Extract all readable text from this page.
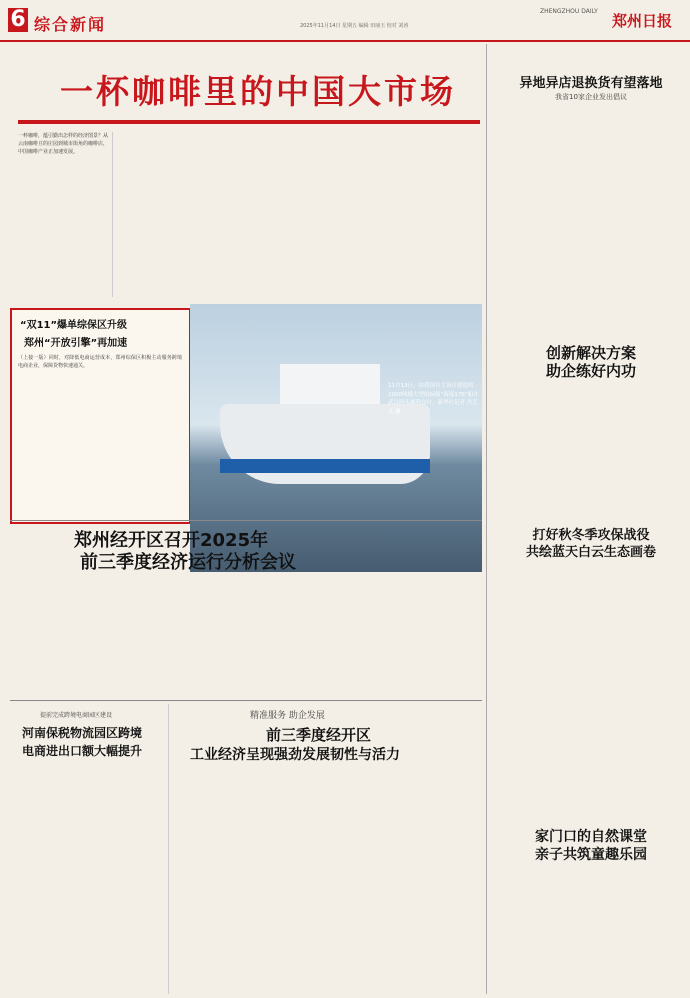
6 综合新闻	2025年11月14日 星期五 编辑 田丽玉 校对 刘涛
ZHENGZHOU DAILY
郑州日报
一杯咖啡里的中国大市场
一杯咖啡，蕴引勤出怎样的经济图景？从云南咖啡豆的庄园到城市街角的咖啡店，中国咖啡产业正加速发展。
“双11”爆单综保区升级
郑州“开放引擎”再加速
（上接一版）同时，对降低电商运营成本，郑州综保区积极主动服务跨境电商企业，保障货物快速通关。
11月13日，由我国自主设计建造的2000吨级大型航标船“海巡176”船在武汉码头顺利交付。新华社记者 肖艺九 摄
异地异店退换货有望落地
我省10家企业发出倡议
创新解决方案
助企练好内功
打好秋冬季攻保战役
共绘蓝天白云生态画卷
家门口的自然课堂
亲子共筑童趣乐园
郑州经开区召开2025年
前三季度经济运行分析会议
提前完成跨境电商园区建设
河南保税物流园区跨境
电商进出口额大幅提升
精准服务 助企发展
前三季度经开区
工业经济呈现强劲发展韧性与活力
